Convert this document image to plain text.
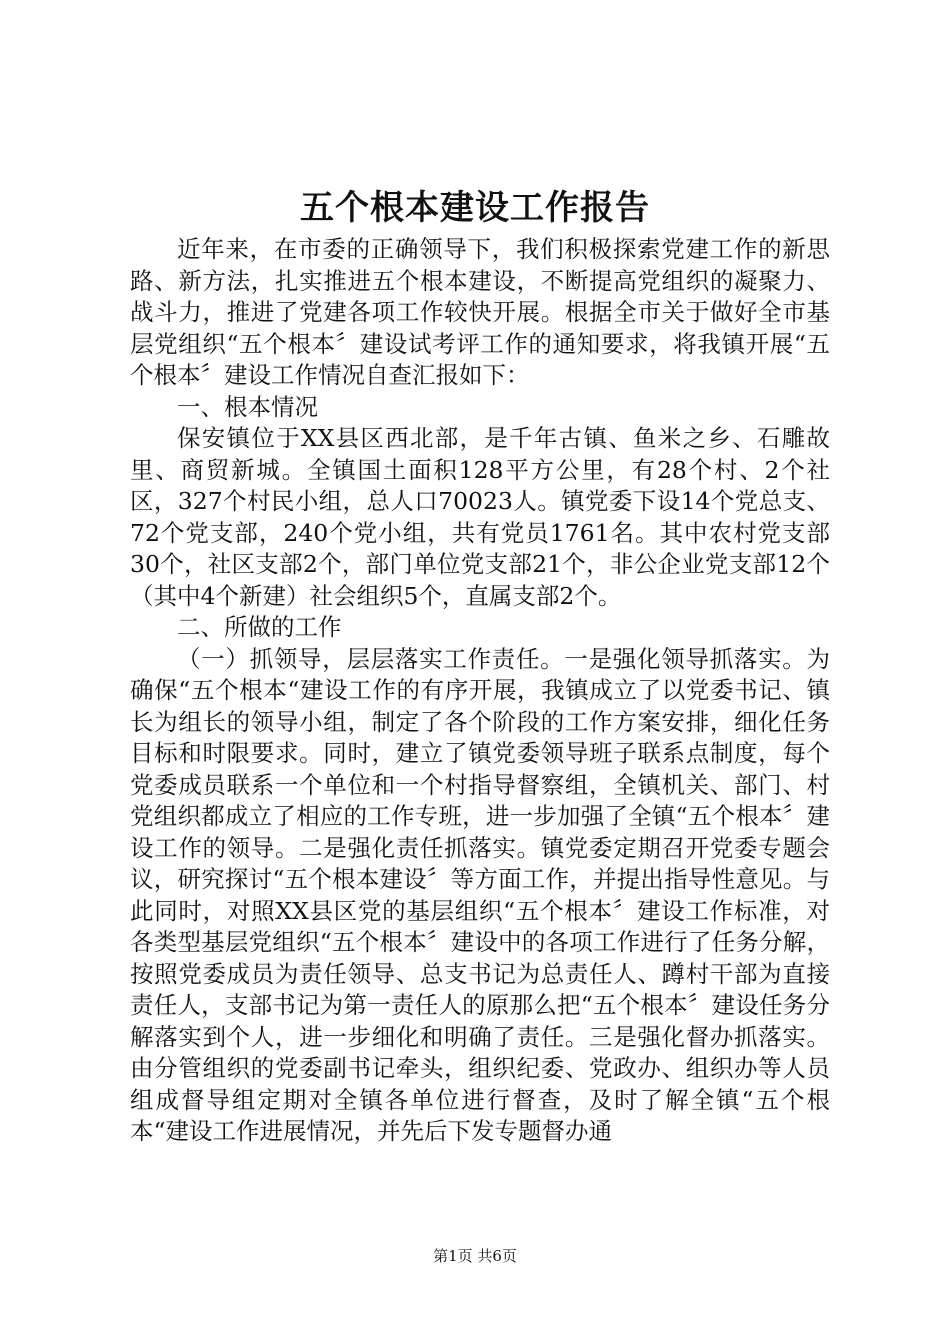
五个根本建设工作报告

近年来，在市委的正确领导下，我们积极探索党建工作的新思路、新方法，扎实推进五个根本建设，不断提高党组织的凝聚力、战斗力，推进了党建各项工作较快开展。根据全市关于做好全市基层党组织“五个根本〞建设试考评工作的通知要求，将我镇开展“五个根本〞建设工作情况自查汇报如下：

一、根本情况

保安镇位于XX县区西北部，是千年古镇、鱼米之乡、石雕故里、商贸新城。全镇国土面积128平方公里，有28个村、2个社区，327个村民小组，总人口70023人。镇党委下设14个党总支、72个党支部，240个党小组，共有党员1761名。其中农村党支部30个，社区支部2个，部门单位党支部21个，非公企业党支部12个（其中4个新建）社会组织5个，直属支部2个。

二、所做的工作

（一）抓领导，层层落实工作责任。一是强化领导抓落实。为确保“五个根本“建设工作的有序开展，我镇成立了以党委书记、镇长为组长的领导小组，制定了各个阶段的工作方案安排，细化任务目标和时限要求。同时，建立了镇党委领导班子联系点制度，每个党委成员联系一个单位和一个村指导督察组，全镇机关、部门、村党组织都成立了相应的工作专班，进一步加强了全镇“五个根本〞建设工作的领导。二是强化责任抓落实。镇党委定期召开党委专题会议，研究探讨“五个根本建设〞等方面工作，并提出指导性意见。与此同时，对照XX县区党的基层组织“五个根本〞建设工作标准，对各类型基层党组织“五个根本〞建设中的各项工作进行了任务分解，按照党委成员为责任领导、总支书记为总责任人、蹲村干部为直接责任人，支部书记为第一责任人的原那么把“五个根本〞建设任务分解落实到个人，进一步细化和明确了责任。三是强化督办抓落实。由分管组织的党委副书记牵头，组织纪委、党政办、组织办等人员组成督导组定期对全镇各单位进行督查，及时了解全镇“五个根本“建设工作进展情况，并先后下发专题督办通

第1页 共6页
